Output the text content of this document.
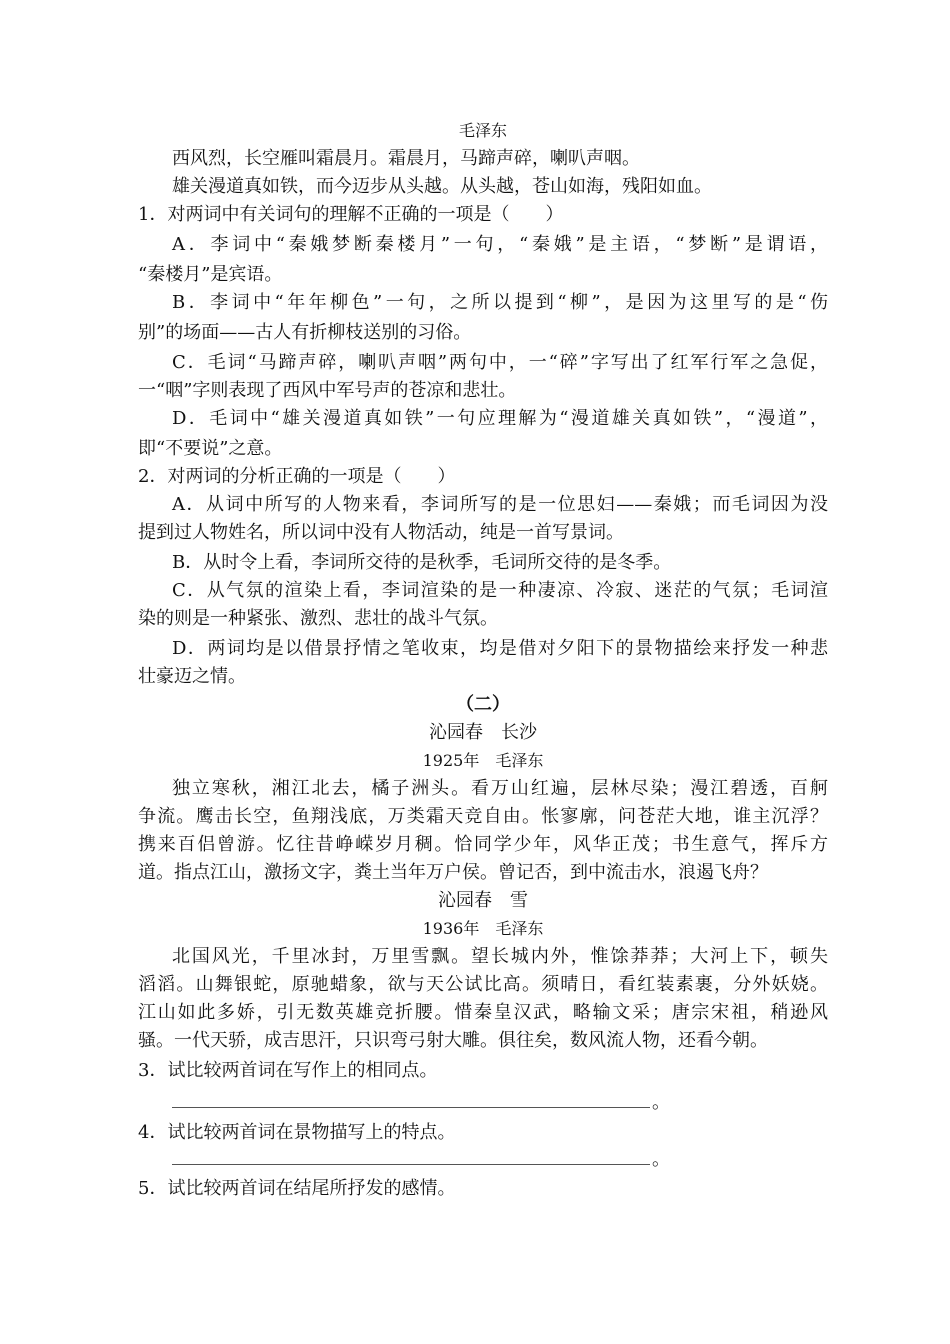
毛泽东
西风烈，长空雁叫霜晨月。霜晨月，马蹄声碎，喇叭声咽。
雄关漫道真如铁，而今迈步从头越。从头越，苍山如海，残阳如血。
1．对两词中有关词句的理解不正确的一项是（　　）
A．李词中“秦娥梦断秦楼月”一句，“秦娥”是主语，“梦断”是谓语，
“秦楼月”是宾语。
B．李词中“年年柳色”一句，之所以提到“柳”，是因为这里写的是“伤
别”的场面——古人有折柳枝送别的习俗。
C．毛词“马蹄声碎，喇叭声咽”两句中，一“碎”字写出了红军行军之急促，
一“咽”字则表现了西风中军号声的苍凉和悲壮。
D．毛词中“雄关漫道真如铁”一句应理解为“漫道雄关真如铁”，“漫道”，
即“不要说”之意。
2．对两词的分析正确的一项是（　　）
A．从词中所写的人物来看，李词所写的是一位思妇——秦娥；而毛词因为没
提到过人物姓名，所以词中没有人物活动，纯是一首写景词。
B．从时令上看，李词所交待的是秋季，毛词所交待的是冬季。
C．从气氛的渲染上看，李词渲染的是一种凄凉、冷寂、迷茫的气氛；毛词渲
染的则是一种紧张、激烈、悲壮的战斗气氛。
D．两词均是以借景抒情之笔收束，均是借对夕阳下的景物描绘来抒发一种悲
壮豪迈之情。
（二）
沁园春　长沙
1925年　毛泽东
独立寒秋，湘江北去，橘子洲头。看万山红遍，层林尽染；漫江碧透，百舸
争流。鹰击长空，鱼翔浅底，万类霜天竞自由。怅寥廓，问苍茫大地，谁主沉浮？
携来百侣曾游。忆往昔峥嵘岁月稠。恰同学少年，风华正茂；书生意气，挥斥方
道。指点江山，激扬文字，粪土当年万户侯。曾记否，到中流击水，浪遏飞舟？
沁园春　雪
1936年　毛泽东
北国风光，千里冰封，万里雪飘。望长城内外，惟馀莽莽；大河上下，顿失
滔滔。山舞银蛇，原驰蜡象，欲与天公试比高。须晴日，看红装素裹，分外妖娆。
江山如此多娇，引无数英雄竞折腰。惜秦皇汉武，略输文采；唐宗宋祖，稍逊风
骚。一代天骄，成吉思汗，只识弯弓射大雕。俱往矣，数风流人物，还看今朝。
3．试比较两首词在写作上的相同点。
。
4．试比较两首词在景物描写上的特点。
。
5．试比较两首词在结尾所抒发的感情。
